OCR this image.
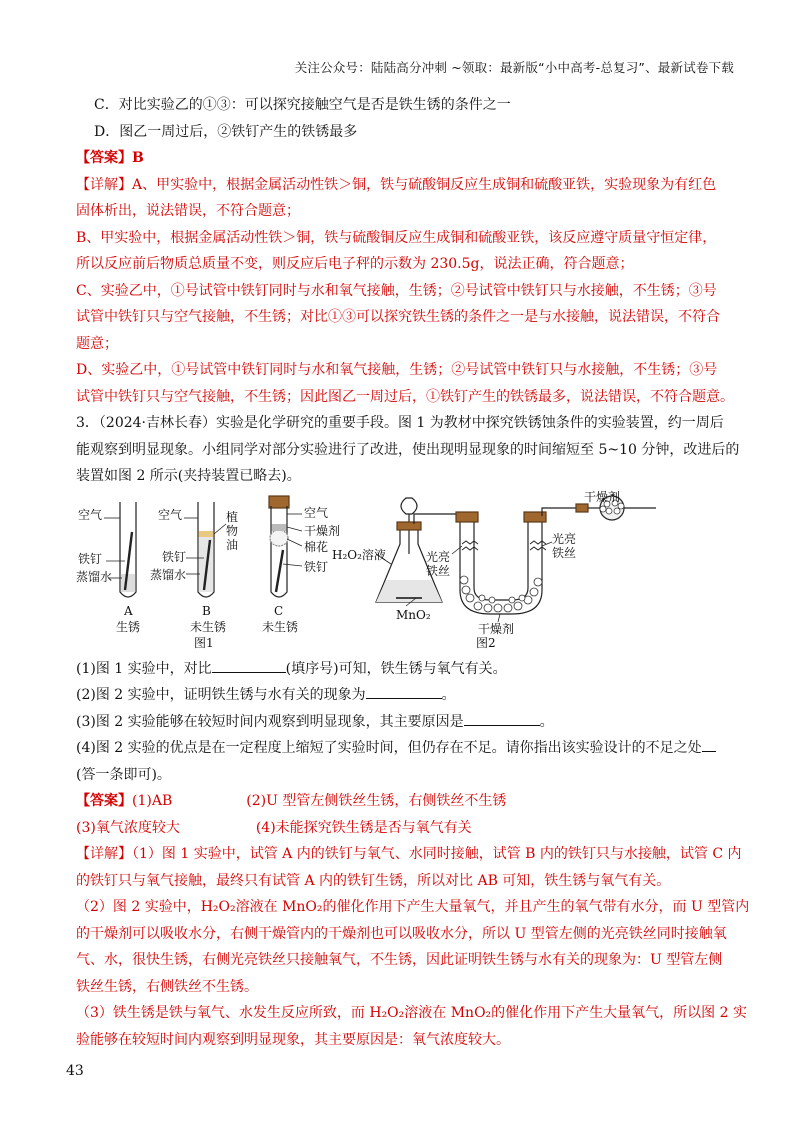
关注公众号：陆陆高分冲刺 ~领取：最新版“小中高考-总复习”、最新试卷下载
C．对比实验乙的①③：可以探究接触空气是否是铁生锈的条件之一
D．图乙一周过后，②铁钉产生的铁锈最多
【答案】B
【详解】A、甲实验中，根据金属活动性铁＞铜，铁与硫酸铜反应生成铜和硫酸亚铁，实验现象为有红色
固体析出，说法错误，不符合题意；
B、甲实验中，根据金属活动性铁＞铜，铁与硫酸铜反应生成铜和硫酸亚铁，该反应遵守质量守恒定律，
所以反应前后物质总质量不变，则反应后电子秤的示数为 230.5g，说法正确，符合题意；
C、实验乙中，①号试管中铁钉同时与水和氧气接触，生锈；②号试管中铁钉只与水接触，不生锈；③号
试管中铁钉只与空气接触，不生锈；对比①③可以探究铁生锈的条件之一是与水接触，说法错误，不符合
题意；
D、实验乙中，①号试管中铁钉同时与水和氧气接触，生锈；②号试管中铁钉只与水接触，不生锈；③号
试管中铁钉只与空气接触，不生锈；因此图乙一周过后，①铁钉产生的铁锈最多，说法错误，不符合题意。
3．（2024·吉林长春）实验是化学研究的重要手段。图 1 为教材中探究铁锈蚀条件的实验装置，约一周后
能观察到明显现象。小组同学对部分实验进行了改进，使出现明显现象的时间缩短至 5~10 分钟，改进后的
装置如图 2 所示(夹持装置已略去)。
空气
铁钉
蒸馏水
A
生锈
空气	植物油
铁钉
蒸馏水
B
未生锈
空气
干燥剂
棉花
铁钉
C
未生锈
图1
H₂O₂溶液
MnO₂
光亮铁丝
光亮铁丝
干燥剂
干燥剂
图2
(1)图 1 实验中，对比	(填序号)可知，铁生锈与氧气有关。
(2)图 2 实验中，证明铁生锈与水有关的现象为	。
(3)图 2 实验能够在较短时间内观察到明显现象，其主要原因是	。
(4)图 2 实验的优点是在一定程度上缩短了实验时间，但仍存在不足。请你指出该实验设计的不足之处
(答一条即可)。
【答案】(1)AB	(2)U 型管左侧铁丝生锈，右侧铁丝不生锈
(3)氧气浓度较大	(4)未能探究铁生锈是否与氧气有关
【详解】（1）图 1 实验中，试管 A 内的铁钉与氧气、水同时接触，试管 B 内的铁钉只与水接触，试管 C 内
的铁钉只与氧气接触，最终只有试管 A 内的铁钉生锈，所以对比 AB 可知，铁生锈与氧气有关。
（2）图 2 实验中，H₂O₂溶液在 MnO₂的催化作用下产生大量氧气，并且产生的氧气带有水分，而 U 型管内
的干燥剂可以吸收水分，右侧干燥管内的干燥剂也可以吸收水分，所以 U 型管左侧的光亮铁丝同时接触氧
气、水，很快生锈，右侧光亮铁丝只接触氧气，不生锈，因此证明铁生锈与水有关的现象为：U 型管左侧
铁丝生锈，右侧铁丝不生锈。
（3）铁生锈是铁与氧气、水发生反应所致，而 H₂O₂溶液在 MnO₂的催化作用下产生大量氧气，所以图 2 实
验能够在较短时间内观察到明显现象，其主要原因是：氧气浓度较大。
43
